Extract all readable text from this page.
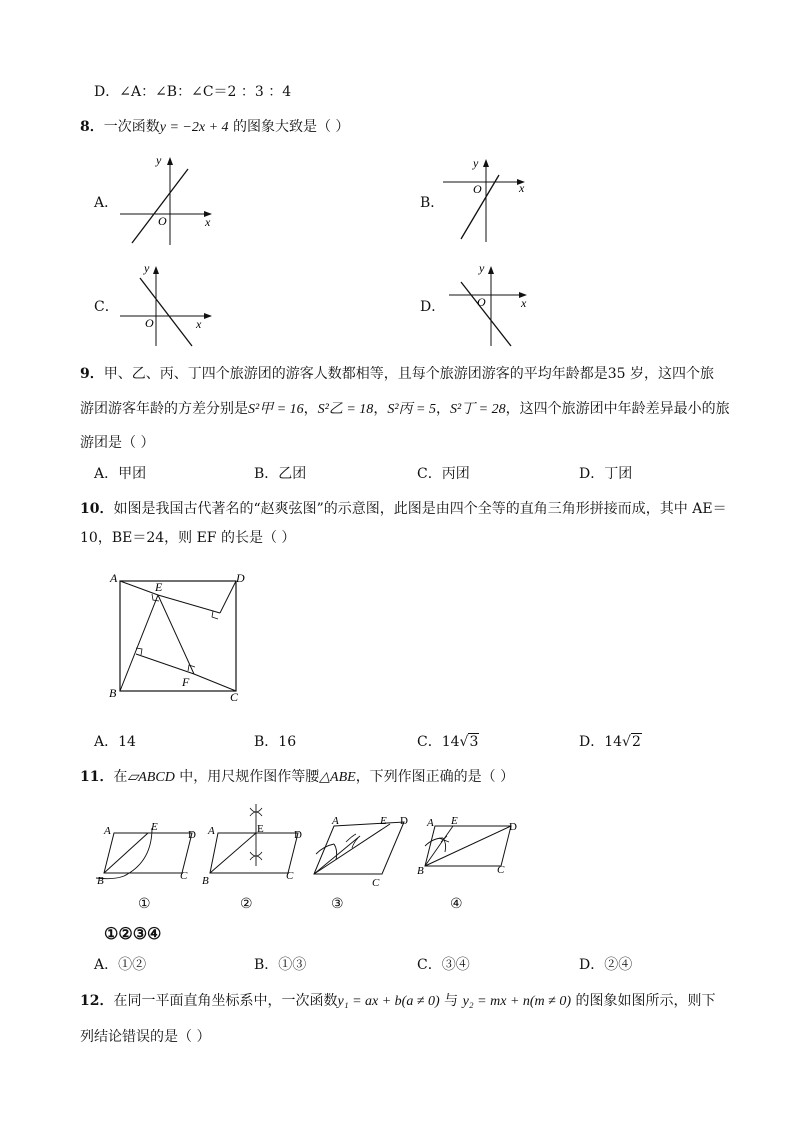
D．∠A：∠B：∠C＝2 ：3 ：4
8．一次函数y = −2x + 4 的图象大致是（ ）
A．	B．
C．	D．
y
O	x
y
O	x
y
O	x
y
O	x
9．甲、乙、丙、丁四个旅游团的游客人数都相等，且每个旅游团游客的平均年龄都是35 岁，这四个旅
游团游客年龄的方差分别是S²甲 = 16，S²乙 = 18，S²丙 = 5，S²丁 = 28，这四个旅游团中年龄差异最小的旅
游团是（ ）
A．甲团	B．乙团	C．丙团	D．丁团
10．如图是我国古代著名的“赵爽弦图”的示意图，此图是由四个全等的直角三角形拼接而成，其中 AE＝
10，BE＝24，则 EF 的长是（ ）
A	D
B	C
E
F
A．14	B．16	C．14√3	D．14√2
11．在▱ABCD 中，用尺规作图作等腰△ABE，下列作图正确的是（ ）
A	E
D
B	C
A	E	D
B	C
A	E D
C
A E	D
B	C
①	②	③	④
①②③④
A．①②	B．①③	C．③④	D．②④
12．在同一平面直角坐标系中，一次函数y₁ = ax + b(a ≠ 0) 与 y₂ = mx + n(m ≠ 0) 的图象如图所示，则下
列结论错误的是（ ）
